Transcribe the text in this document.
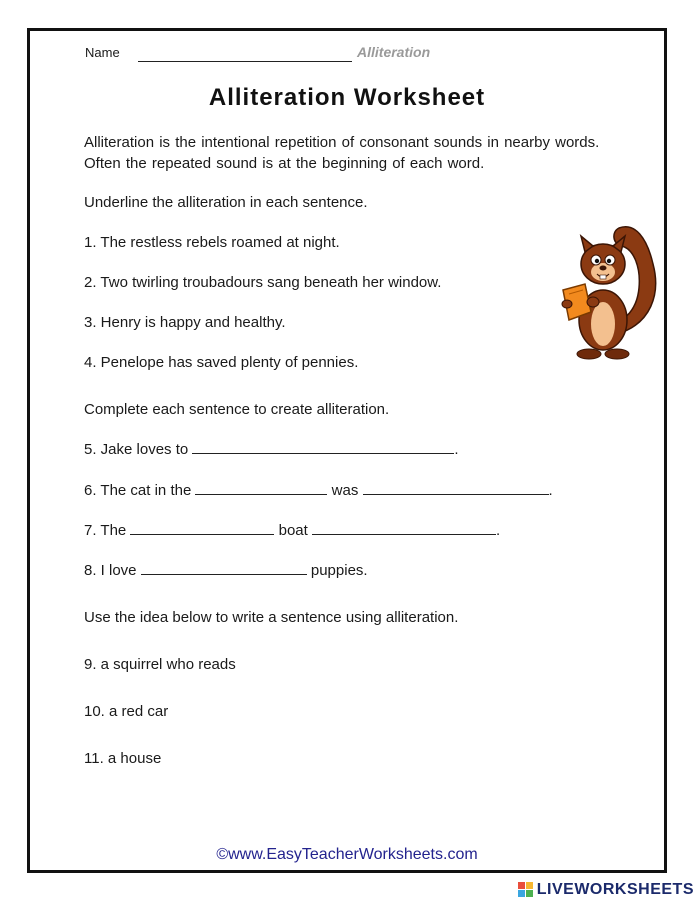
Name	Alliteration
Alliteration Worksheet
Alliteration is the intentional repetition of consonant sounds in nearby words. Often the repeated sound is at the beginning of each word.
Underline the alliteration in each sentence.
1. The restless rebels roamed at night.
2. Two twirling troubadours sang beneath her window.
3. Henry is happy and healthy.
4. Penelope has saved plenty of pennies.
Complete each sentence to create alliteration.
5. Jake loves to	.
6. The cat in the	was	.
7. The	boat	.
8. I love	puppies.
Use the idea below to write a sentence using alliteration.
9. a squirrel who reads
10. a red car
11. a house
©www.EasyTeacherWorksheets.com
LIVEWORKSHEETS
